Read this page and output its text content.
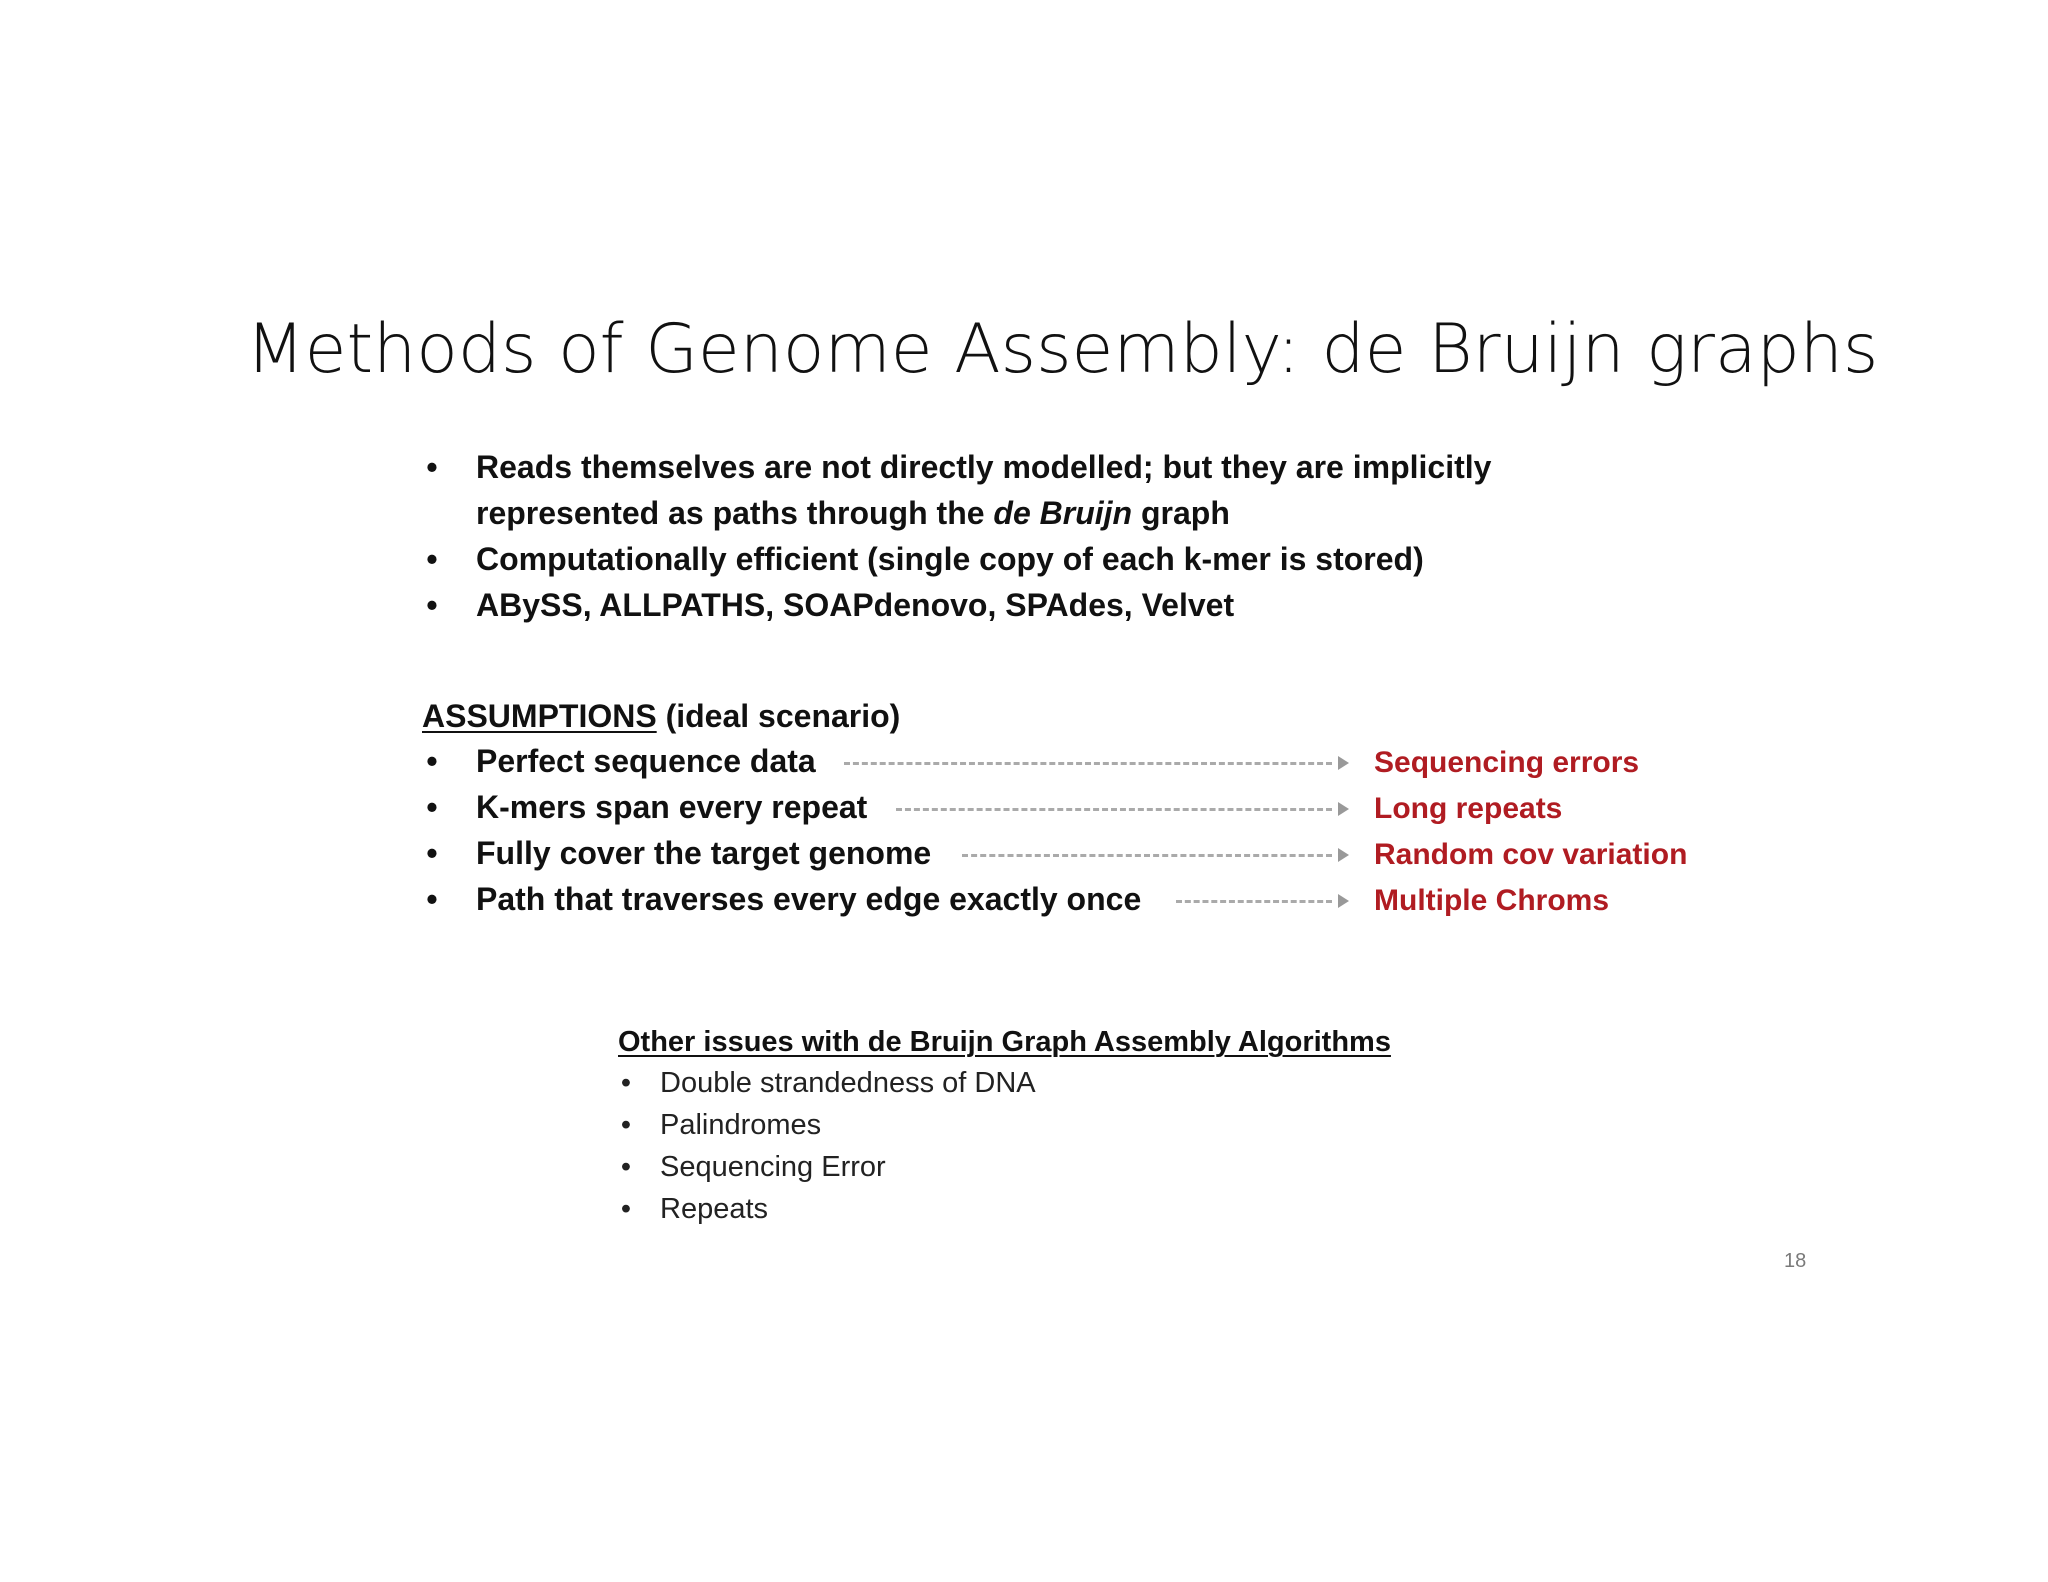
Methods of Genome Assembly: de Bruijn graphs
• Reads themselves are not directly modelled; but they are implicitly represented as paths through the de Bruijn graph
• Computationally efficient (single copy of each k-mer is stored)
• ABySS, ALLPATHS, SOAPdenovo, SPAdes, Velvet
ASSUMPTIONS (ideal scenario)
• Perfect sequence data	Sequencing errors
• K-mers span every repeat	Long repeats
• Fully cover the target genome	Random cov variation
• Path that traverses every edge exactly once	Multiple Chroms
Other issues with de Bruijn Graph Assembly Algorithms
• Double strandedness of DNA
• Palindromes
• Sequencing Error
• Repeats
18
